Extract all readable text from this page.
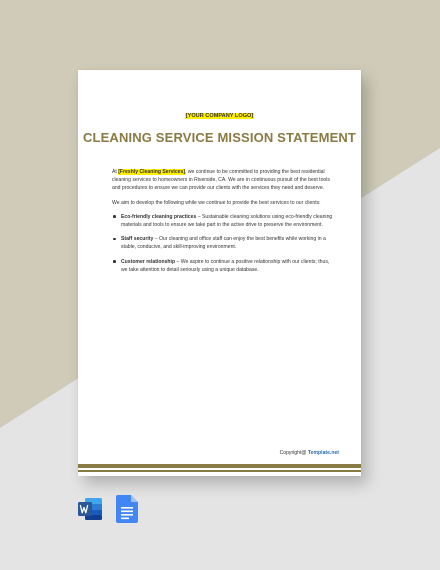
[YOUR COMPANY LOGO]
CLEANING SERVICE MISSION STATEMENT

At [Freshly Cleaning Services], we continue to be committed to providing the best residential cleaning services to homeowners in Riverside, CA. We are in continuous pursuit of the best tools and procedures to ensure we can provide our clients with the services they need and deserve.

We aim to develop the following while we continue to provide the best services to our clients:

Eco-friendly cleaning practices – Sustainable cleaning solutions using eco-friendly cleaning materials and tools to ensure we take part in the active drive to preserve the environment.
Staff security – Our cleaning and office staff can enjoy the best benefits while working in a stable, conducive, and skill-improving environment.
Customer relationship – We aspire to continue a positive relationship with our clients; thus, we take attention to detail seriously using a unique database.
Copyright@ Template.net
